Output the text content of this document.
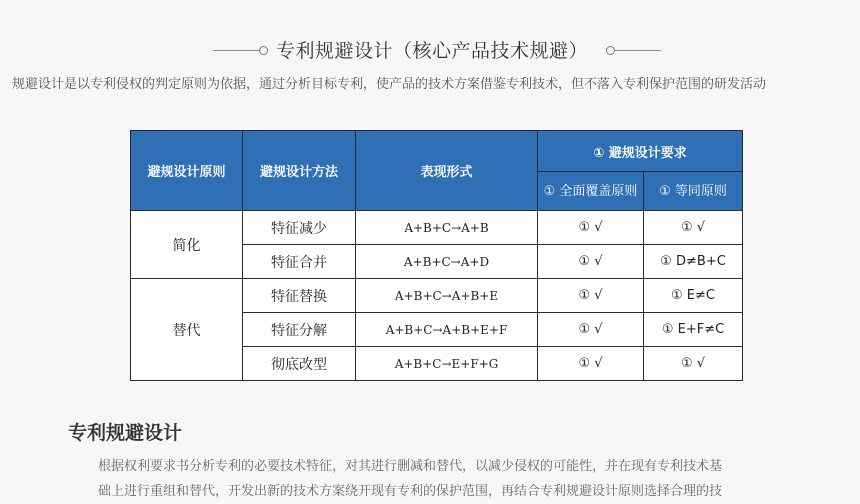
专利规避设计（核心产品技术规避）
规避设计是以专利侵权的判定原则为依据，通过分析目标专利，使产品的技术方案借鉴专利技术，但不落入专利保护范围的研发活动
避规设计原则	避规设计方法	表现形式	① 避规设计要求	
			① 全面覆盖原则	① 等同原则
简化	特征减少	A+B+C→A+B	① √	① √
	特征合并	A+B+C→A+D	① √	① D≠B+C
替代	特征替换	A+B+C→A+B+E	① √	① E≠C
	特征分解	A+B+C→A+B+E+F	① √	① E+F≠C
	彻底改型	A+B+C→E+F+G	① √	① √
专利规避设计
根据权利要求书分析专利的必要技术特征，对其进行删减和替代，以减少侵权的可能性，并在现有专利技术基
础上进行重组和替代，开发出新的技术方案绕开现有专利的保护范围，再结合专利规避设计原则选择合理的技
